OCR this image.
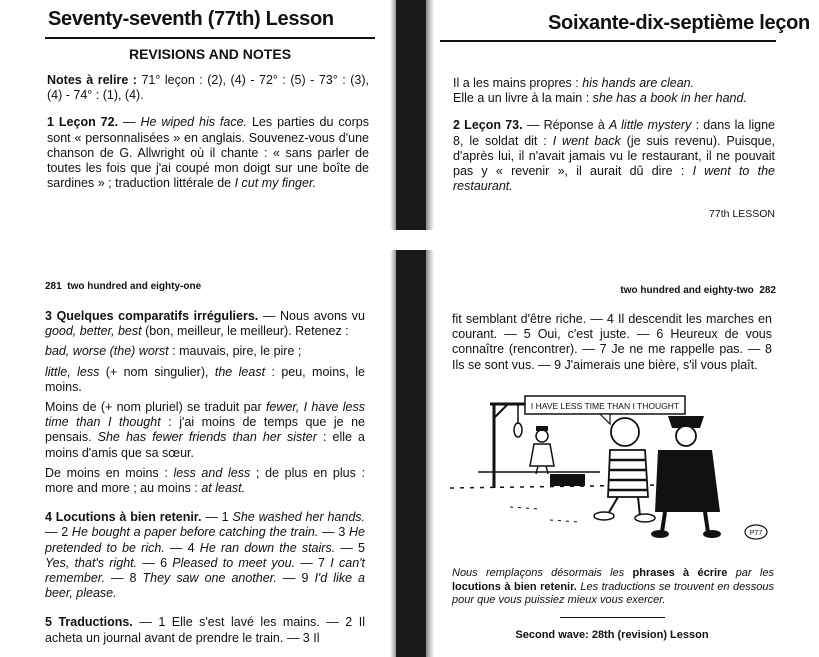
Seventy-seventh (77th) Lesson
REVISIONS AND NOTES

Notes à relire : 71° leçon : (2), (4) - 72° : (5) - 73° : (3), (4) - 74° : (1), (4).

1 Leçon 72. — He wiped his face. Les parties du corps sont « personnalisées » en anglais. Souvenez-vous d'une chanson de G. Allwright où il chante : « sans parler de toutes les fois que j'ai coupé mon doigt sur une boîte de sardines » ; traduction littérale de I cut my finger.

Soixante-dix-septième leçon

Il a les mains propres : his hands are clean.

Elle a un livre à la main : she has a book in her hand.

2 Leçon 73. — Réponse à A little mystery : dans la ligne 8, le soldat dit : I went back (je suis revenu). Puisque, d'après lui, il n'avait jamais vu le restaurant, il ne pouvait pas y « revenir », il aurait dû dire : I went to the restaurant.

77th LESSON
281 two hundred and eighty-one

3 Quelques comparatifs irréguliers. — Nous avons vu good, better, best (bon, meilleur, le meilleur). Retenez :

bad, worse (the) worst : mauvais, pire, le pire ;

little, less (+ nom singulier), the least : peu, moins, le moins.

Moins de (+ nom pluriel) se traduit par fewer, I have less time than I thought : j'ai moins de temps que je ne pensais. She has fewer friends than her sister : elle a moins d'amis que sa sœur.

De moins en moins : less and less ; de plus en plus : more and more ; au moins : at least.

4 Locutions à bien retenir. — 1 She washed her hands. — 2 He bought a paper before catching the train. — 3 He pretended to be rich. — 4 He ran down the stairs. — 5 Yes, that's right. — 6 Pleased to meet you. — 7 I can't remember. — 8 They saw one another. — 9 I'd like a beer, please.

5 Traductions. — 1 Elle s'est lavé les mains. — 2 Il acheta un journal avant de prendre le train. — 3 Il

two hundred and eighty-two 282

fit semblant d'être riche. — 4 Il descendit les marches en courant. — 5 Oui, c'est juste. — 6 Heureux de vous connaître (rencontrer). — 7 Je ne me rappelle pas. — 8 Ils se sont vus. — 9 J'aimerais une bière, s'il vous plaît.

I HAVE LESS TIME THAN I THOUGHT
P77

Nous remplaçons désormais les phrases à écrire par les locutions à bien retenir. Les traductions se trouvent en dessous pour que vous puissiez mieux vous exercer.

Second wave: 28th (revision) Lesson
